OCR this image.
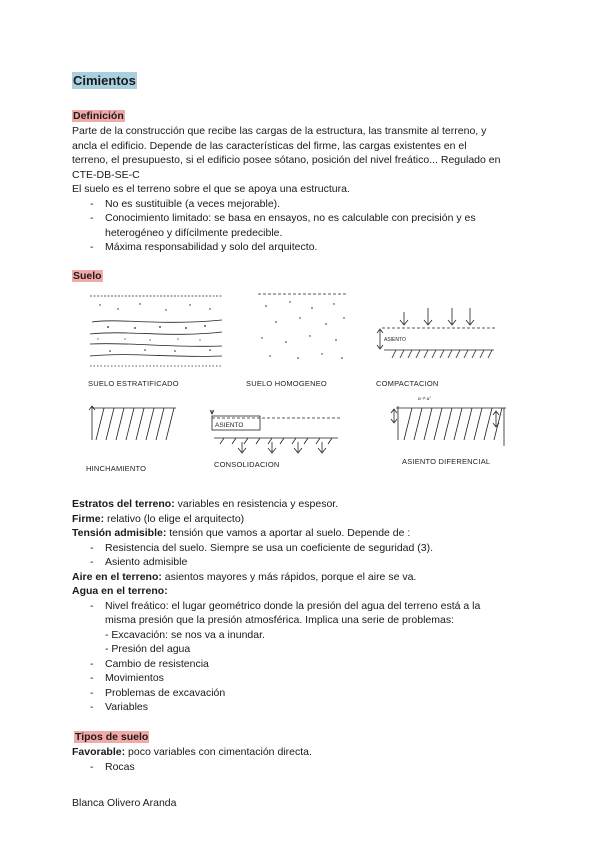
Cimientos
Definición

Parte de la construcción que recibe las cargas de la estructura, las transmite al terreno, y

ancla el edificio. Depende de las características del firme, las cargas existentes en el

terreno, el presupuesto, si el edificio posee sótano, posición del nivel freático... Regulado en

CTE-DB-SE-C

El suelo es el terreno sobre el que se apoya una estructura.

- No es sustituible (a veces mejorable).
- Conocimiento limitado: se basa en ensayos, no es calculable con precisión y es
heterogéneo y difícilmente predecible.
- Máxima responsabilidad y solo del arquitecto.
Suelo
ASIENTO
ASIENTO
α ≠ α'
SUELO ESTRATIFICADO	SUELO HOMOGENEO	COMPACTACION
HINCHAMIENTO	CONSOLIDACION	ASIENTO DIFERENCIAL

Estratos del terreno: variables en resistencia y espesor.

Firme: relativo (lo elige el arquitecto)

Tensión admisible: tensión que vamos a aportar al suelo. Depende de :

- Resistencia del suelo. Siempre se usa un coeficiente de seguridad (3).
- Asiento admisible

Aire en el terreno: asientos mayores y más rápidos, porque el aire se va.

Agua en el terreno:

- Nivel freático: el lugar geométrico donde la presión del agua del terreno está a la
misma presión que la presión atmosférica. Implica una serie de problemas:
- Excavación: se nos va a inundar.
- Presión del agua
- Cambio de resistencia
- Movimientos
- Problemas de excavación
- Variables
Tipos de suelo

Favorable: poco variables con cimentación directa.

- Rocas
Blanca Olivero Aranda
